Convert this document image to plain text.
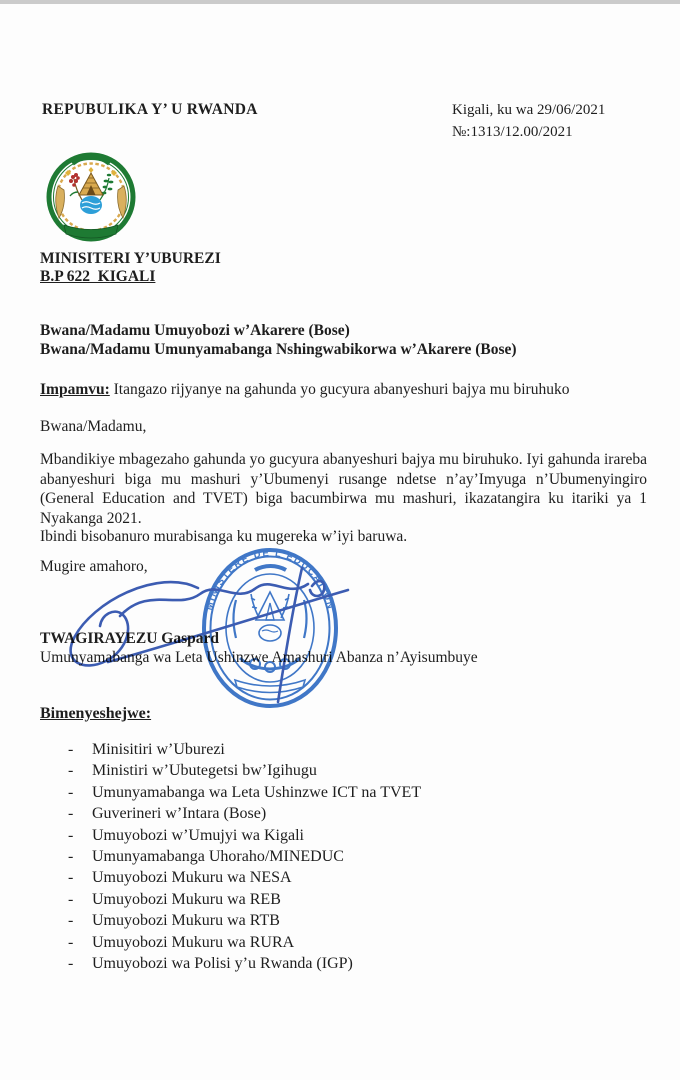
REPUBULIKA Y’ U RWANDA	Kigali, ku wa 29/06/2021
№:1313/12.00/2021
MINISITERI Y’UBUREZI
B.P 622  KIGALI
Bwana/Madamu Umuyobozi w’Akarere (Bose)
Bwana/Madamu Umunyamabanga Nshingwabikorwa w’Akarere (Bose)
Impamvu: Itangazo rijyanye na gahunda yo gucyura abanyeshuri bajya mu biruhuko
Bwana/Madamu,
Mbandikiye mbagezaho gahunda yo gucyura abanyeshuri bajya mu biruhuko. Iyi gahunda irareba abanyeshuri biga mu mashuri y’Ubumenyi rusange ndetse n’ay’Imyuga n’Ubumenyingiro (General Education and TVET) biga bacumbirwa mu mashuri, ikazatangira ku itariki ya 1 Nyakanga 2021.
Ibindi bisobanuro murabisanga ku mugereka w’iyi baruwa.
Mugire amahoro,
TWAGIRAYEZU Gaspard
Umunyamabanga wa Leta Ushinzwe Amashuri Abanza n’Ayisumbuye
MINISTERE DE L'EDUCATION
Bimenyeshejwe:
-	Minisitiri w’Uburezi
-	Ministiri w’Ubutegetsi bw’Igihugu
-	Umunyamabanga wa Leta Ushinzwe ICT na TVET
-	Guverineri w’Intara (Bose)
-	Umuyobozi w’Umujyi wa Kigali
-	Umunyamabanga Uhoraho/MINEDUC
-	Umuyobozi Mukuru wa NESA
-	Umuyobozi Mukuru wa REB
-	Umuyobozi Mukuru wa RTB
-	Umuyobozi Mukuru wa RURA
-	Umuyobozi wa Polisi y’u Rwanda (IGP)
